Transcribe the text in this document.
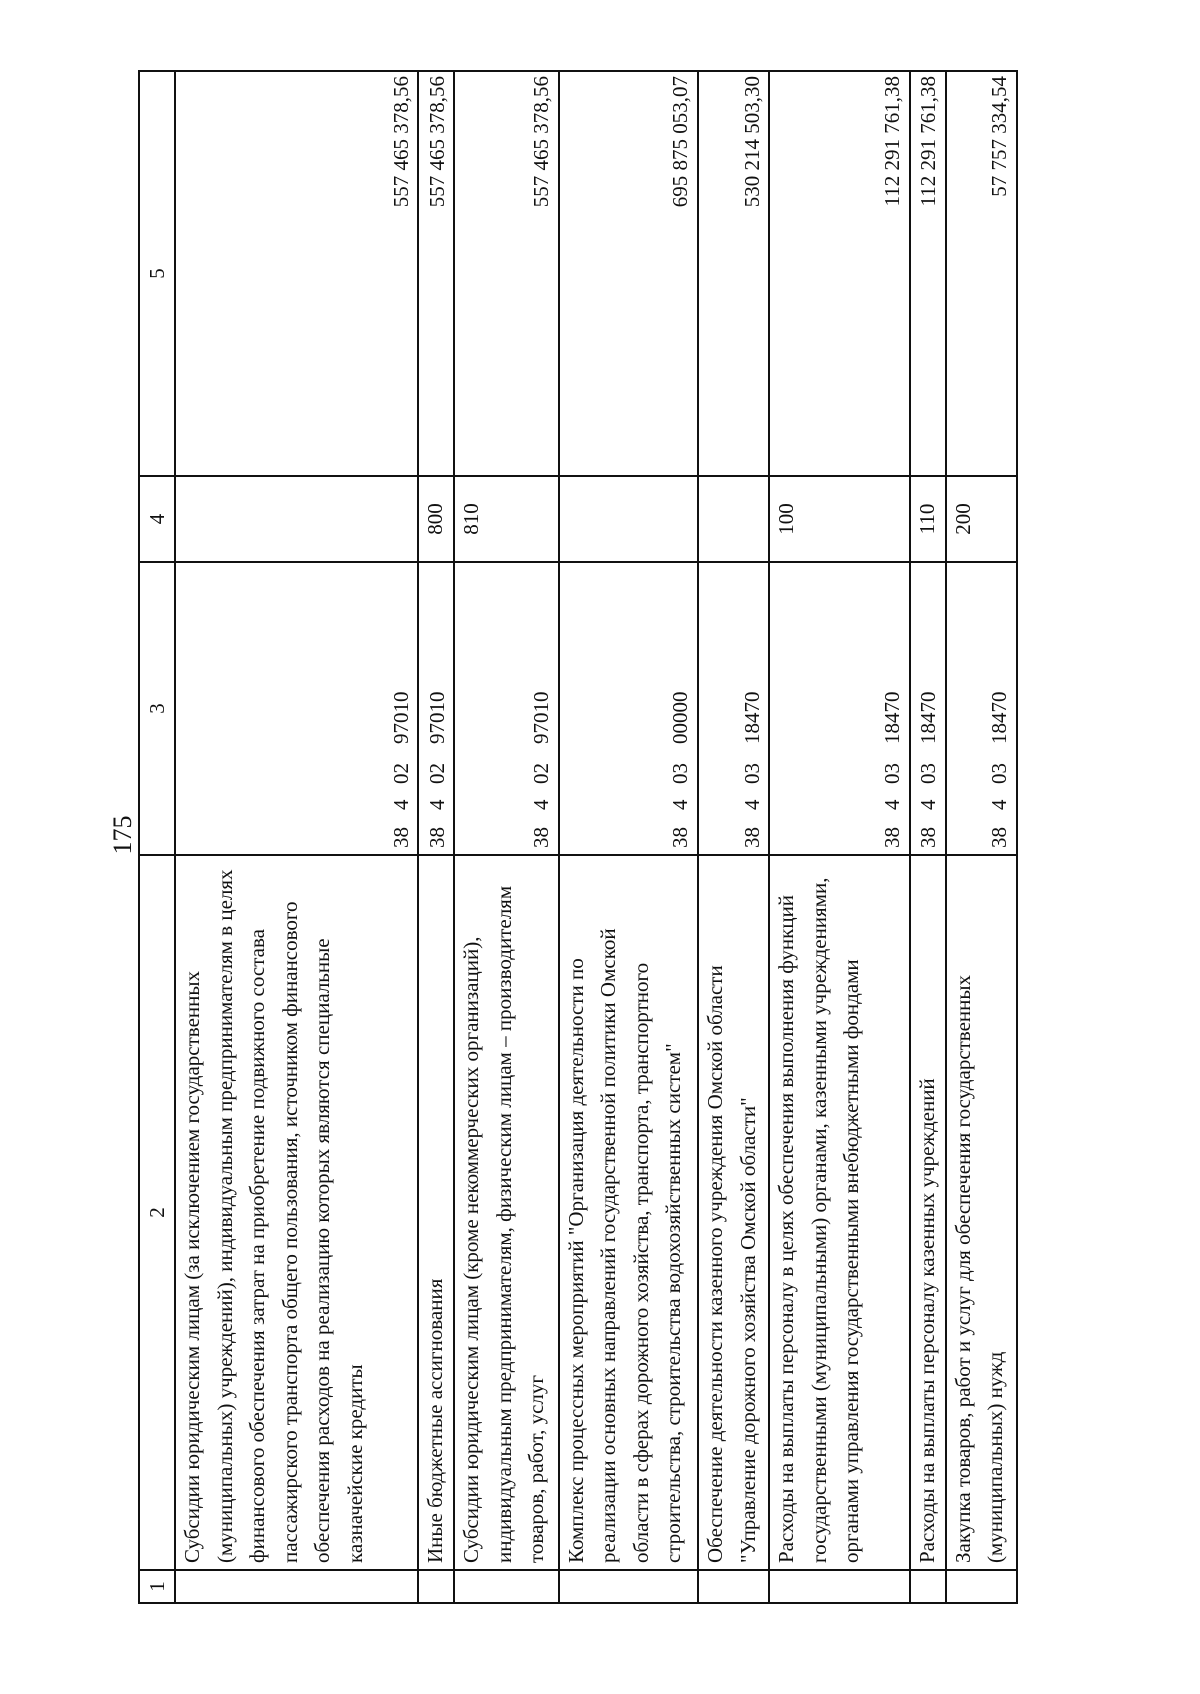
175
1	2	3	4	5
	Субсидии юридическим лицам (за исключением государственных (муниципальных) учреждений), индивидуальным предпринимателям в целях финансового обеспечения затрат на приобретение подвижного состава пассажирского транспорта общего пользования, источником финансового обеспечения расходов на реализацию которых являются специальные казначейские кредиты	3840297010		557 465 378,56
	Иные бюджетные ассигнования	3840297010	800	557 465 378,56
	Субсидии юридическим лицам (кроме некоммерческих организаций), индивидуальным предпринимателям, физическим лицам – производителям товаров, работ, услуг	3840297010	810	557 465 378,56
	Комплекс процессных мероприятий "Организация деятельности по реализации основных направлений государственной политики Омской области в сферах дорожного хозяйства, транспорта, транспортного строительства, строительства водохозяйственных систем"	3840300000		695 875 053,07
	Обеспечение деятельности казенного учреждения Омской области "Управление дорожного хозяйства Омской области"	3840318470		530 214 503,30
	Расходы на выплаты персоналу в целях обеспечения выполнения функций государственными (муниципальными) органами, казенными учреждениями, органами управления государственными внебюджетными фондами	3840318470	100	112 291 761,38
	Расходы на выплаты персоналу казенных учреждений	3840318470	110	112 291 761,38
	Закупка товаров, работ и услуг для обеспечения государственных (муниципальных) нужд	3840318470	200	57 757 334,54
